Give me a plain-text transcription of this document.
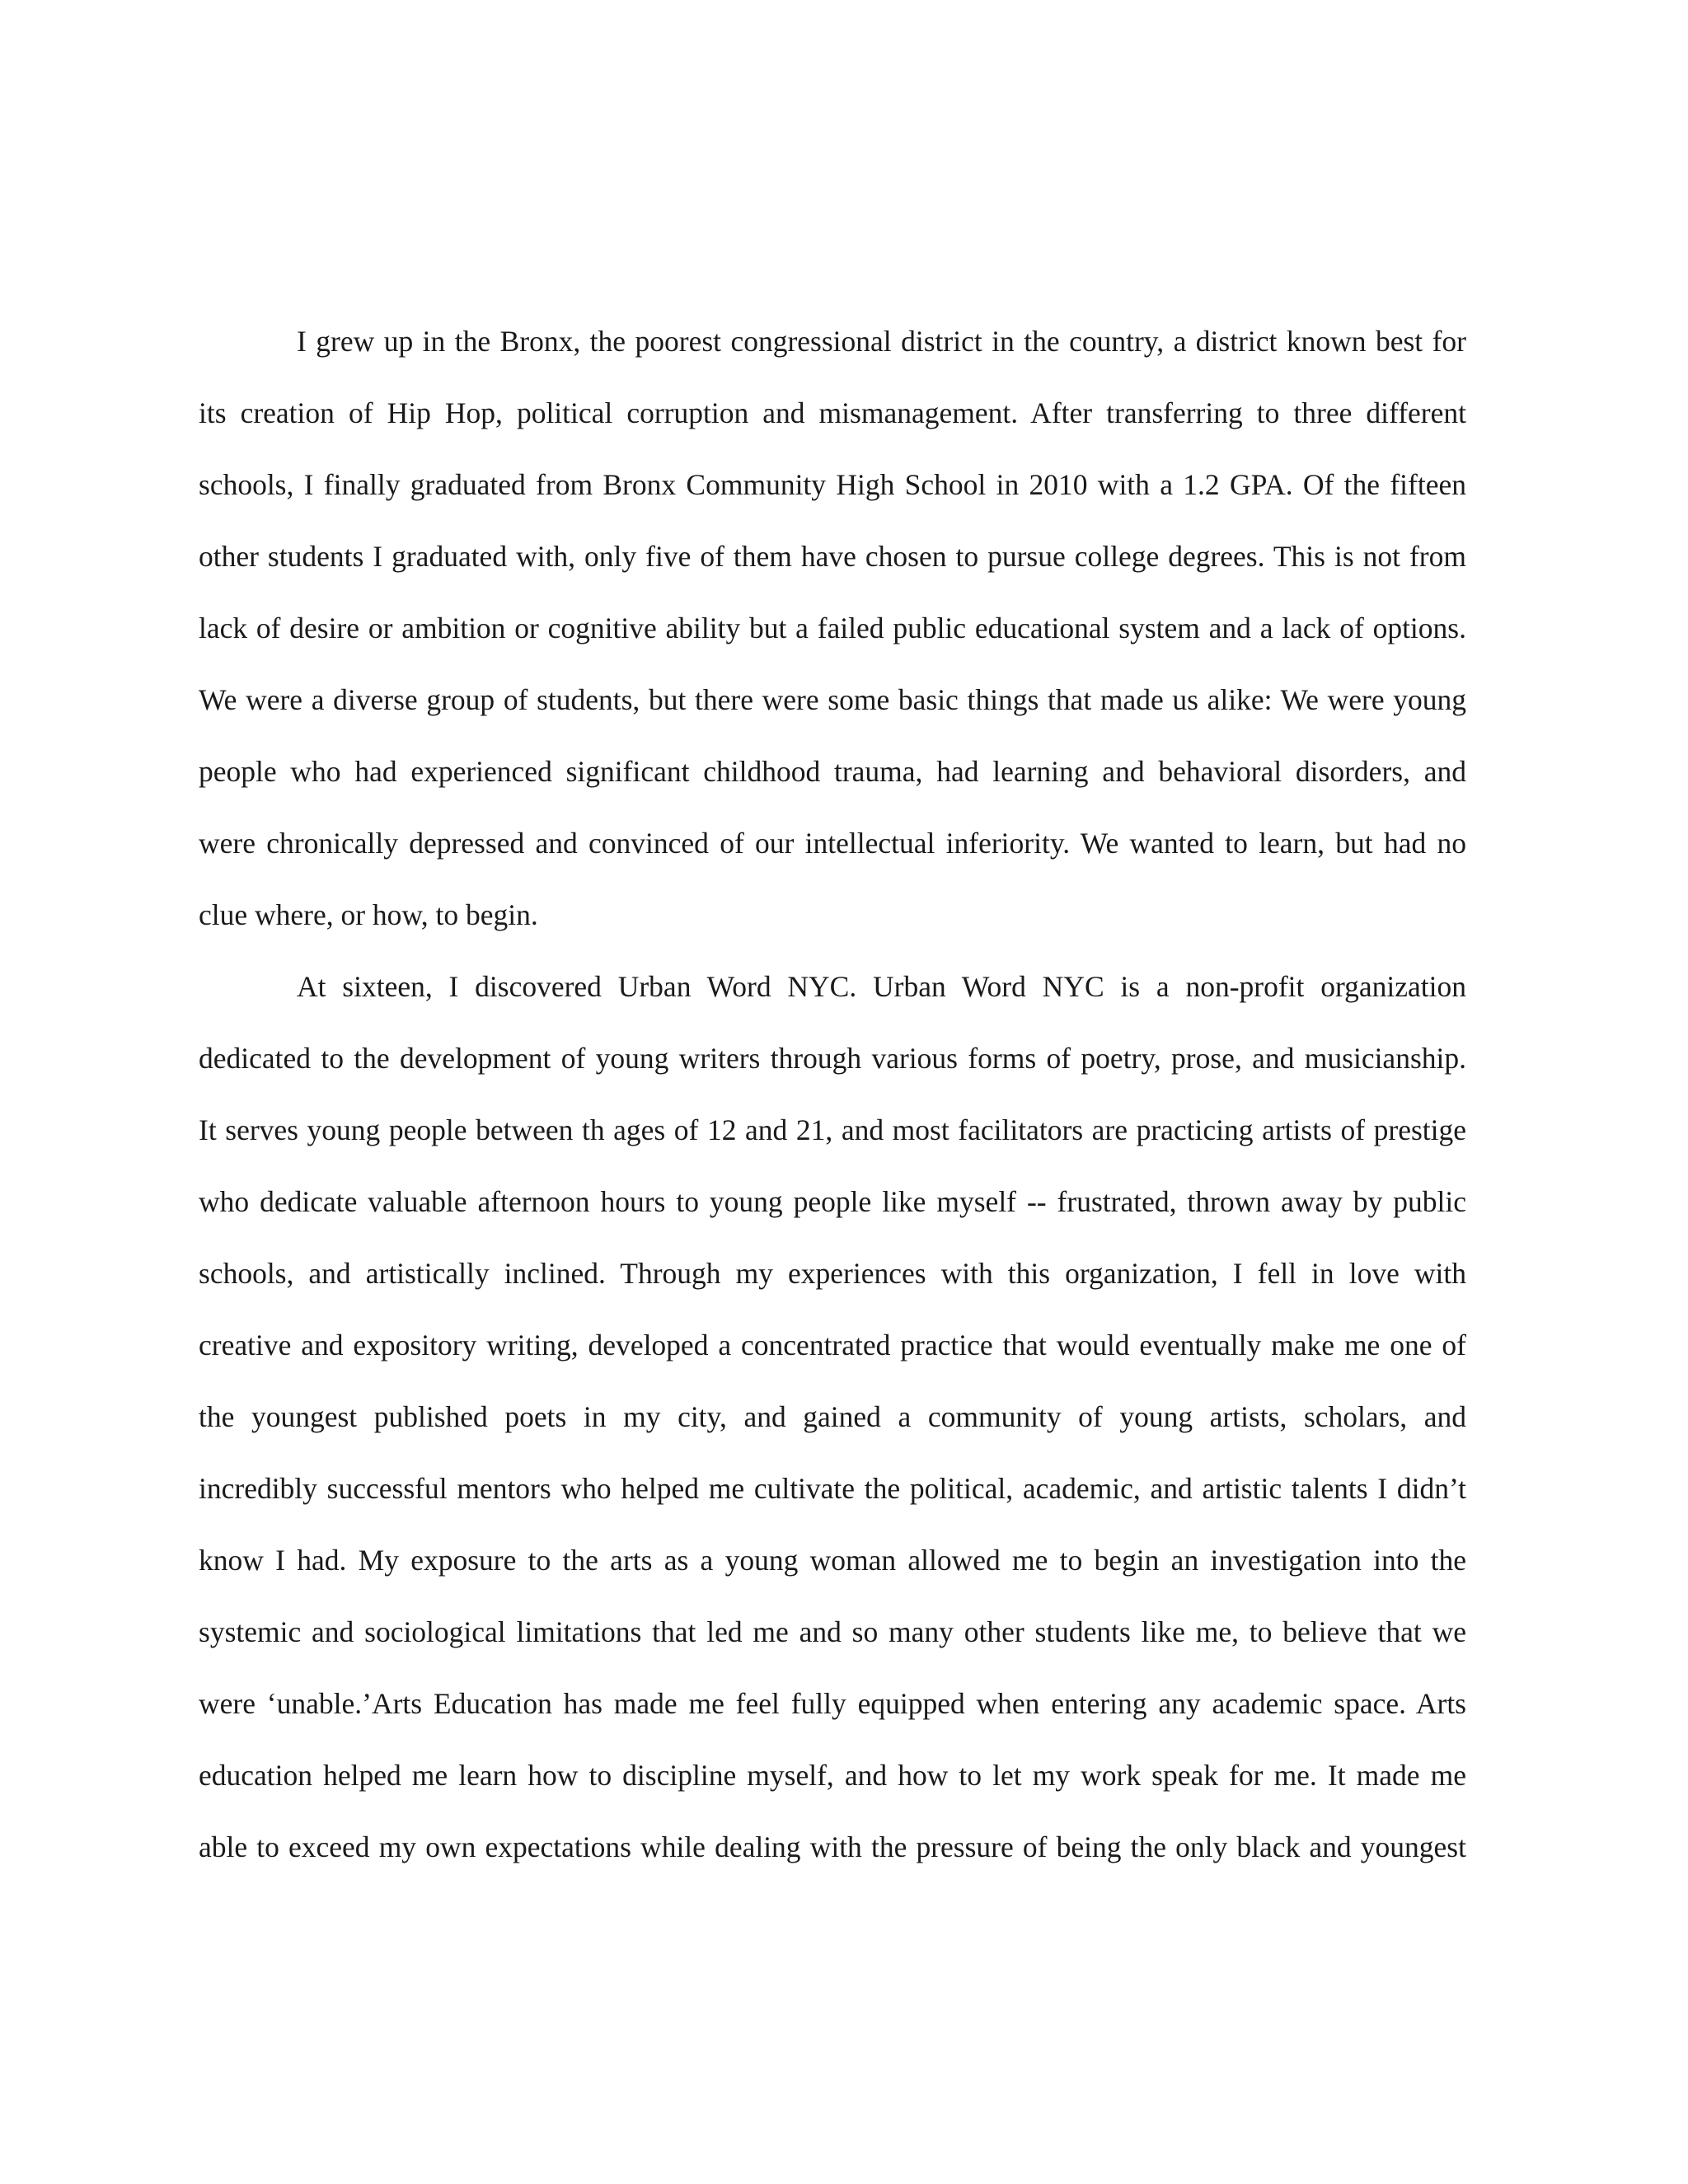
I grew up in the Bronx, the poorest congressional district in the country, a district known best for
its creation of Hip Hop, political corruption and mismanagement. After transferring to three different
schools, I finally graduated from Bronx Community High School in 2010 with a 1.2 GPA. Of the fifteen
other students I graduated with, only five of them have chosen to pursue college degrees. This is not from
lack of desire or ambition or cognitive ability but a failed public educational system and a lack of options.
We were a diverse group of students, but there were some basic things that made us alike: We were young
people who had experienced significant childhood trauma, had learning and behavioral disorders, and
were chronically depressed and convinced of our intellectual inferiority. We wanted to learn, but had no
clue where, or how, to begin.
At sixteen, I discovered Urban Word NYC. Urban Word NYC is a non-profit organization
dedicated to the development of young writers through various forms of poetry, prose, and musicianship.
It serves young people between th ages of 12 and 21, and most facilitators are practicing artists of prestige
who dedicate valuable afternoon hours to young people like myself -- frustrated, thrown away by public
schools, and artistically inclined. Through my experiences with this organization, I fell in love with
creative and expository writing, developed a concentrated practice that would eventually make me one of
the youngest published poets in my city, and gained a community of young artists, scholars, and
incredibly successful mentors who helped me cultivate the political, academic, and artistic talents I didn’t
know I had. My exposure to the arts as a young woman allowed me to begin an investigation into the
systemic and sociological limitations that led me and so many other students like me, to believe that we
were ‘unable.’Arts Education has made me feel fully equipped when entering any academic space. Arts
education helped me learn how to discipline myself, and how to let my work speak for me. It made me
able to exceed my own expectations while dealing with the pressure of being the only black and youngest
